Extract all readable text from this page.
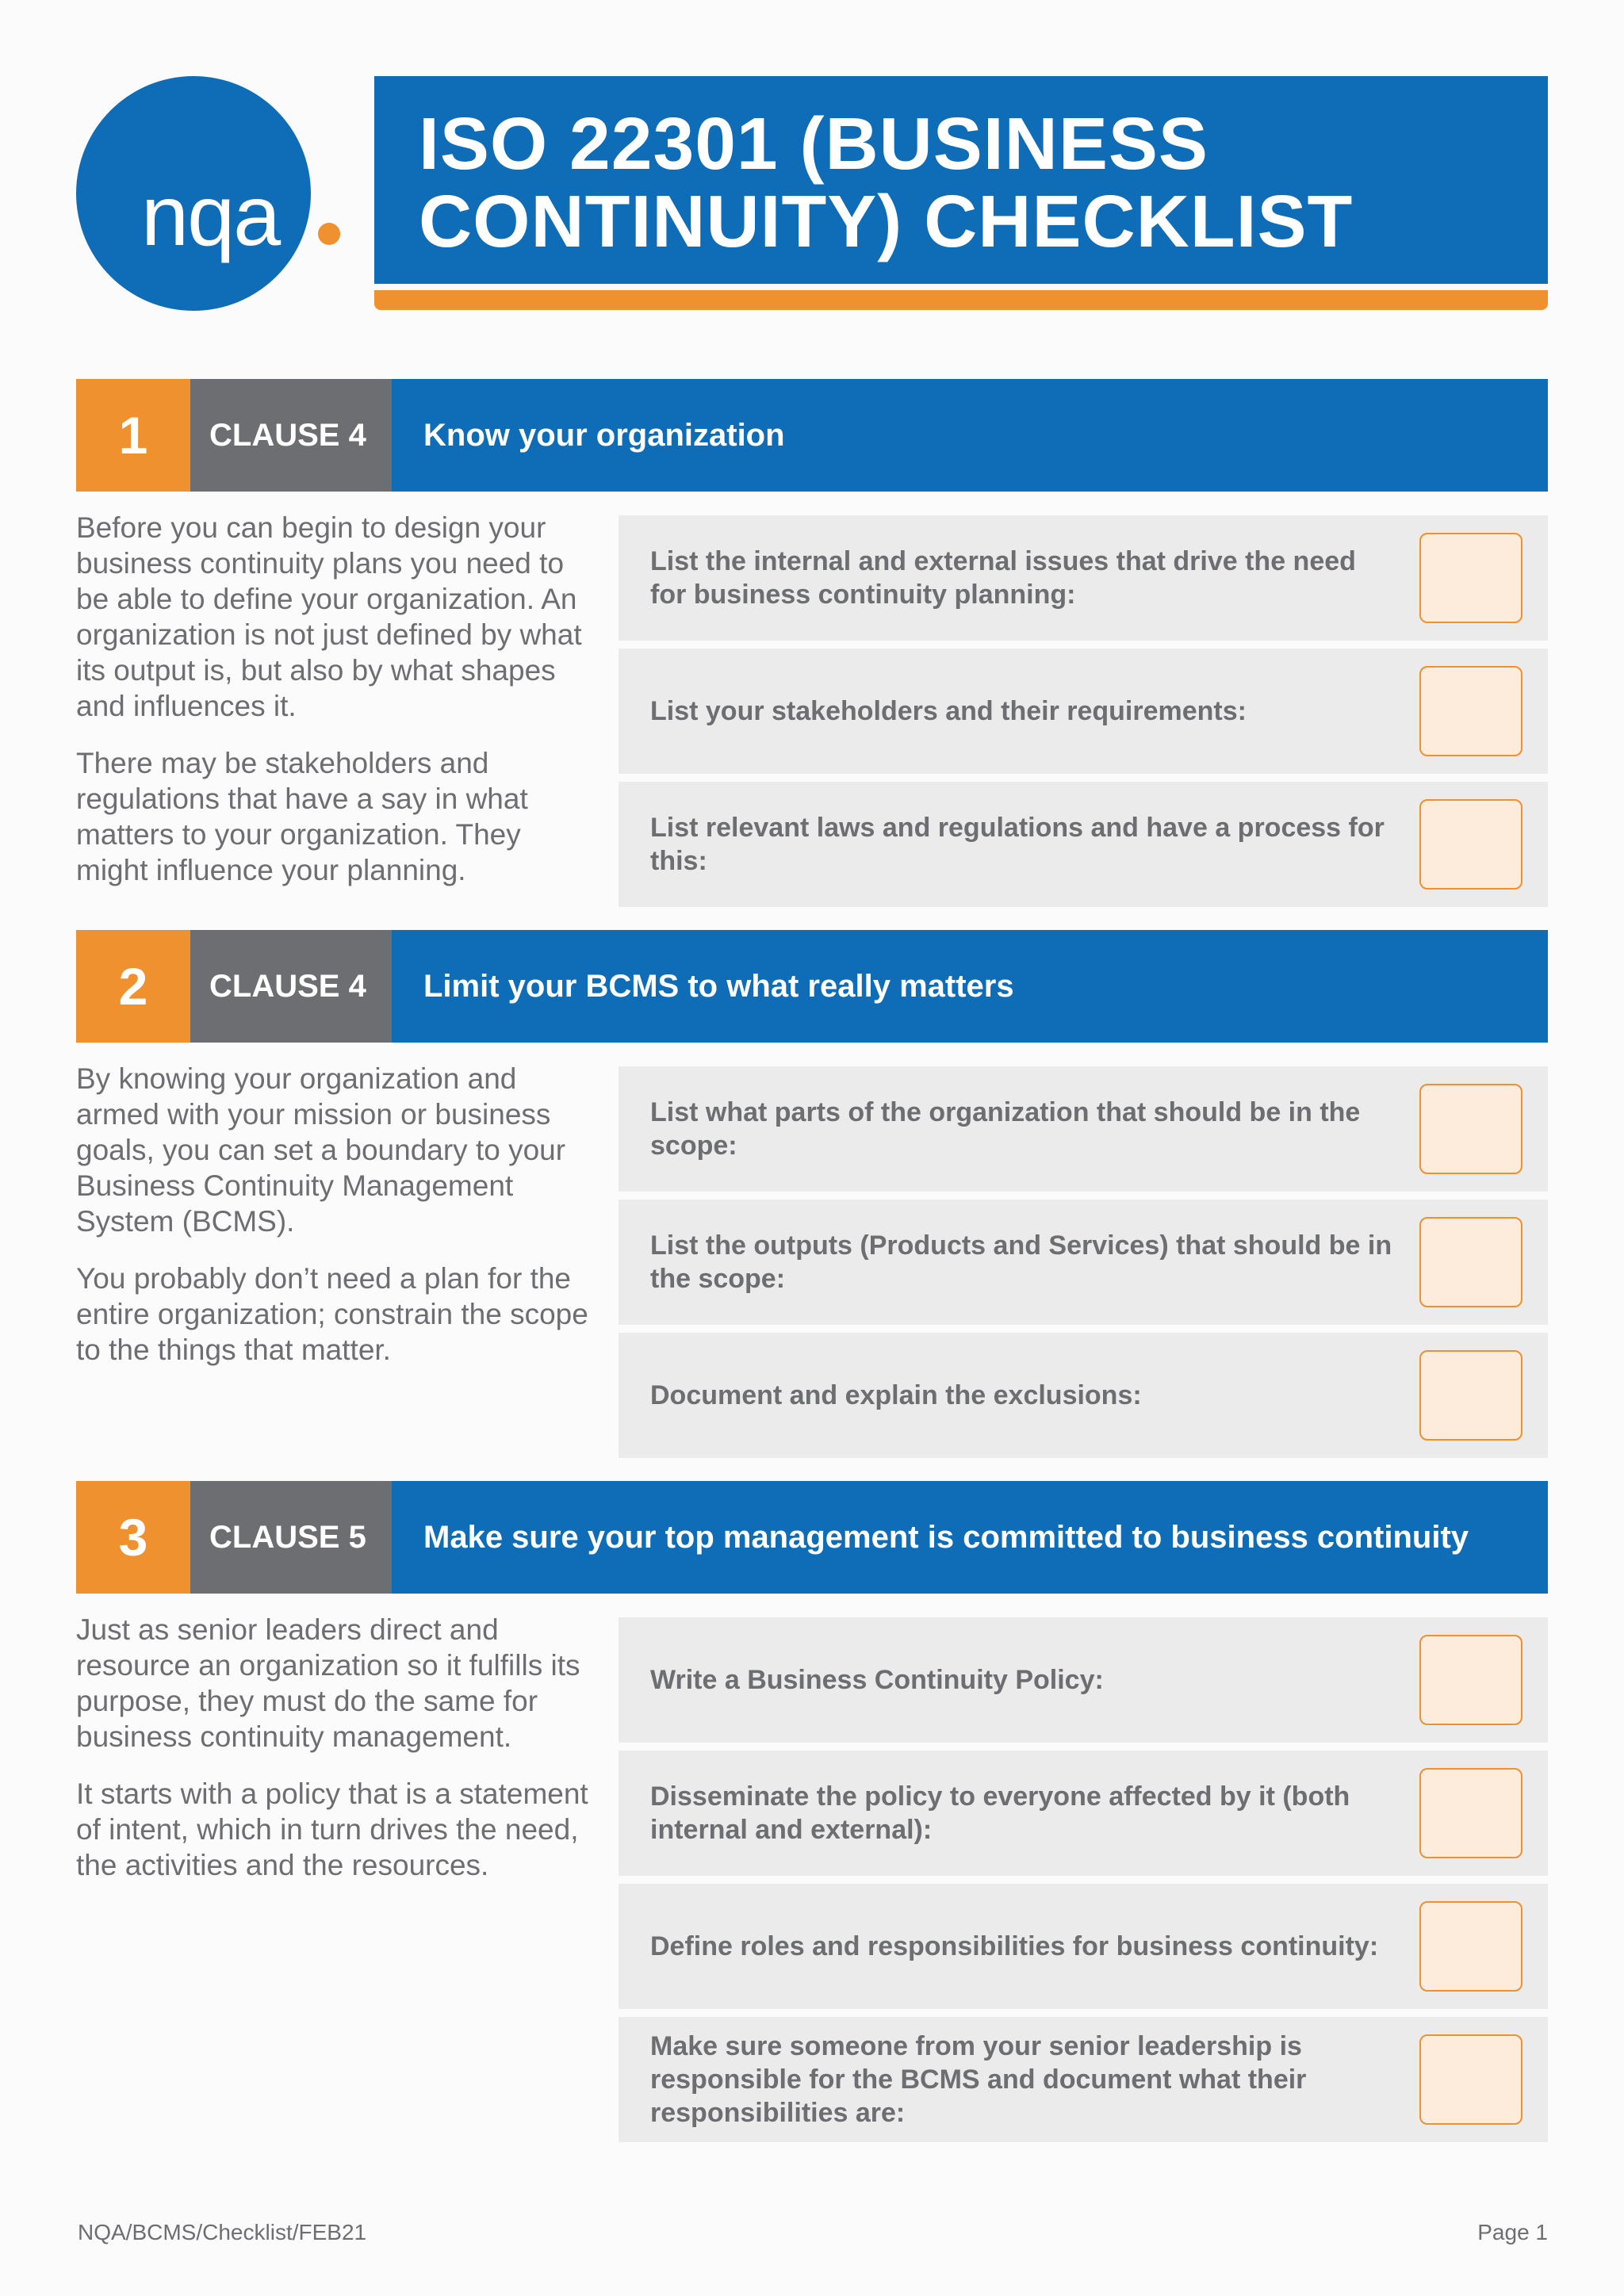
nqa
ISO 22301 (BUSINESS
CONTINUITY) CHECKLIST
1	CLAUSE 4	Know your organization

Before you can begin to design your business continuity plans you need to be able to define your organization. An organization is not just defined by what its output is, but also by what shapes and influences it.

There may be stakeholders and regulations that have a say in what matters to your organization. They might influence your planning.

List the internal and external issues that drive the need for business continuity planning:
List your stakeholders and their requirements:
List relevant laws and regulations and have a process for this:
2	CLAUSE 4	Limit your BCMS to what really matters

By knowing your organization and armed with your mission or business goals, you can set a boundary to your Business Continuity Management System (BCMS).

You probably don’t need a plan for the entire organization; constrain the scope to the things that matter.

List what parts of the organization that should be in the scope:
List the outputs (Products and Services) that should be in the scope:
Document and explain the exclusions:
3	CLAUSE 5	Make sure your top management is committed to business continuity

Just as senior leaders direct and resource an organization so it fulfills its purpose, they must do the same for business continuity management.

It starts with a policy that is a statement of intent, which in turn drives the need, the activities and the resources.

Write a Business Continuity Policy:
Disseminate the policy to everyone affected by it (both internal and external):
Define roles and responsibilities for business continuity:
Make sure someone from your senior leadership is responsible for the BCMS and document what their responsibilities are:
NQA/BCMS/Checklist/FEB21	Page 1
